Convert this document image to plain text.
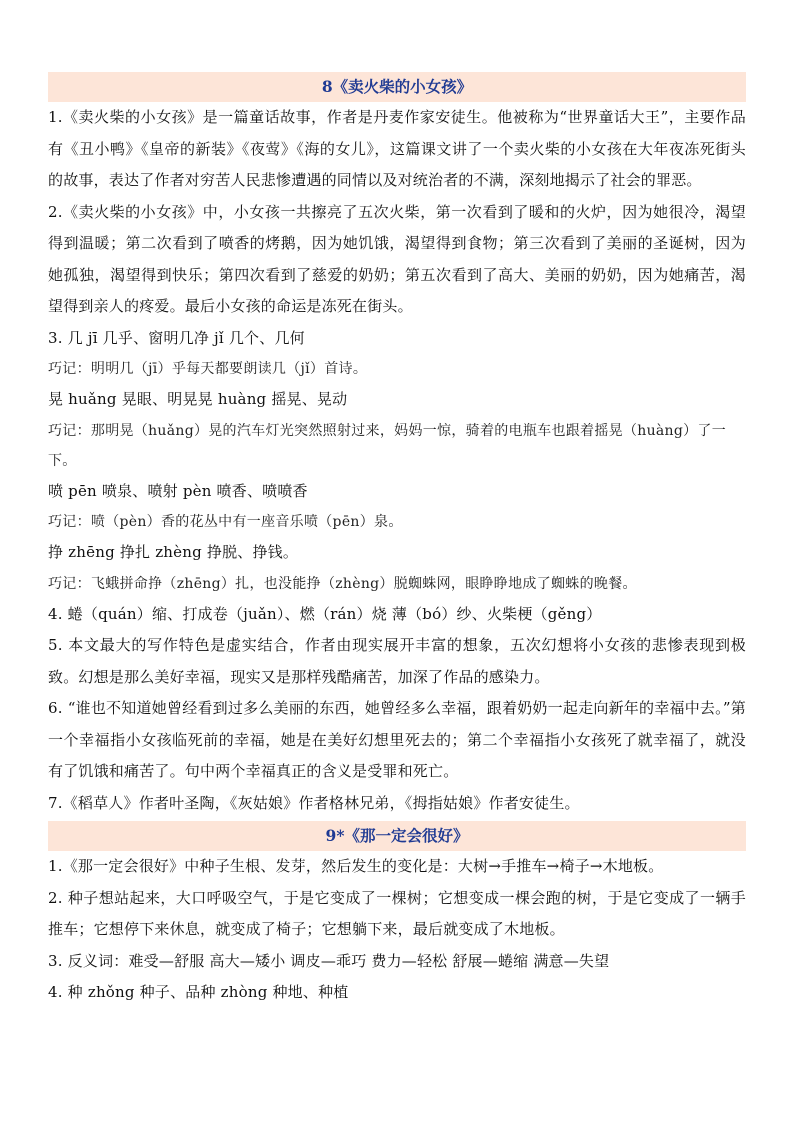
8《卖火柴的小女孩》

1.《卖火柴的小女孩》是一篇童话故事，作者是丹麦作家安徒生。他被称为“世界童话大王”，主要作品有《丑小鸭》《皇帝的新装》《夜莺》《海的女儿》，这篇课文讲了一个卖火柴的小女孩在大年夜冻死街头的故事，表达了作者对穷苦人民悲惨遭遇的同情以及对统治者的不满，深刻地揭示了社会的罪恶。

2.《卖火柴的小女孩》中，小女孩一共擦亮了五次火柴，第一次看到了暖和的火炉，因为她很冷，渴望得到温暖；第二次看到了喷香的烤鹅，因为她饥饿，渴望得到食物；第三次看到了美丽的圣诞树，因为她孤独，渴望得到快乐；第四次看到了慈爱的奶奶；第五次看到了高大、美丽的奶奶，因为她痛苦，渴望得到亲人的疼爱。最后小女孩的命运是冻死在街头。

3. 几 jī 几乎、窗明几净 jǐ 几个、几何

巧记：明明几（jī）乎每天都要朗读几（jǐ）首诗。

晃 huǎng 晃眼、明晃晃 huàng 摇晃、晃动

巧记：那明晃（huǎng）晃的汽车灯光突然照射过来，妈妈一惊，骑着的电瓶车也跟着摇晃（huàng）了一下。

喷 pēn 喷泉、喷射 pèn 喷香、喷喷香

巧记：喷（pèn）香的花丛中有一座音乐喷（pēn）泉。

挣 zhēng 挣扎 zhèng 挣脱、挣钱。

巧记：飞蛾拼命挣（zhēng）扎，也没能挣（zhèng）脱蜘蛛网，眼睁睁地成了蜘蛛的晚餐。

4. 蜷（quán）缩、打成卷（juǎn）、燃（rán）烧 薄（bó）纱、火柴梗（gěng）

5. 本文最大的写作特色是虚实结合，作者由现实展开丰富的想象，五次幻想将小女孩的悲惨表现到极致。幻想是那么美好幸福，现实又是那样残酷痛苦，加深了作品的感染力。

6. “谁也不知道她曾经看到过多么美丽的东西，她曾经多么幸福，跟着奶奶一起走向新年的幸福中去。”第一个幸福指小女孩临死前的幸福，她是在美好幻想里死去的；第二个幸福指小女孩死了就幸福了，就没有了饥饿和痛苦了。句中两个幸福真正的含义是受罪和死亡。

7.《稻草人》作者叶圣陶，《灰姑娘》作者格林兄弟，《拇指姑娘》作者安徒生。

9*《那一定会很好》

1.《那一定会很好》中种子生根、发芽，然后发生的变化是：大树→手推车→椅子→木地板。

2. 种子想站起来，大口呼吸空气，于是它变成了一棵树；它想变成一棵会跑的树，于是它变成了一辆手推车；它想停下来休息，就变成了椅子；它想躺下来，最后就变成了木地板。

3. 反义词：难受—舒服 高大—矮小 调皮—乖巧 费力—轻松 舒展—蜷缩 满意—失望

4. 种 zhǒng 种子、品种 zhòng 种地、种植
